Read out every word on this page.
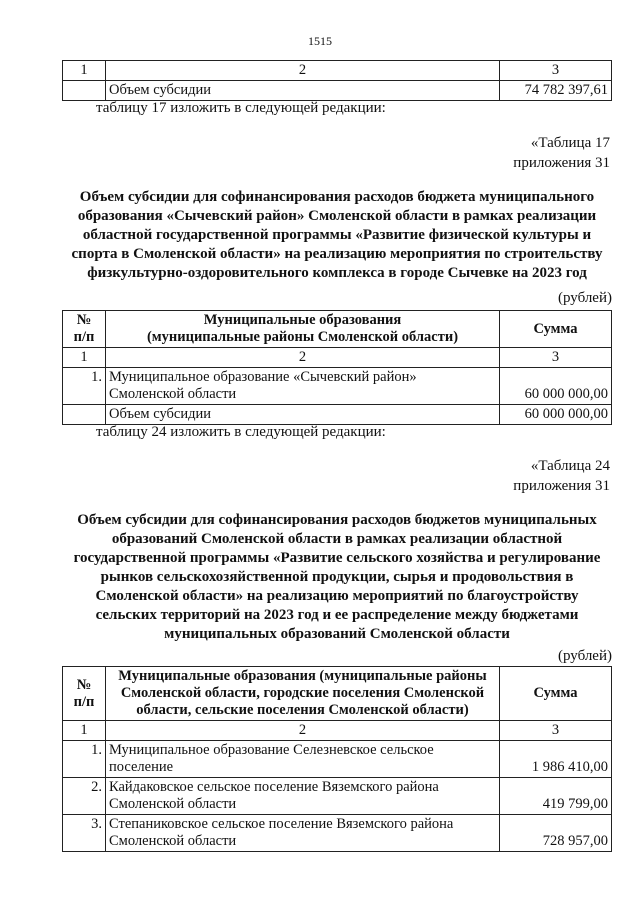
1515
1	2	3
	Объем субсидии	74 782 397,61
таблицу 17 изложить в следующей редакции:
«Таблица 17
приложения 31
Объем субсидии для софинансирования расходов бюджета муниципального
образования «Сычевский район» Смоленской области в рамках реализации
областной государственной программы «Развитие физической культуры и
спорта в Смоленской области» на реализацию мероприятия по строительству
физкультурно-оздоровительного комплекса в городе Сычевке на 2023 год
(рублей)
№
п/п	Муниципальные образования
(муниципальные районы Смоленской области)	Сумма
1	2	3
1.	Муниципальное образование «Сычевский район»
Смоленской области	60 000 000,00
	Объем субсидии	60 000 000,00
таблицу 24 изложить в следующей редакции:
«Таблица 24
приложения 31
Объем субсидии для софинансирования расходов бюджетов муниципальных
образований Смоленской области в рамках реализации областной
государственной программы «Развитие сельского хозяйства и регулирование
рынков сельскохозяйственной продукции, сырья и продовольствия в
Смоленской области» на реализацию мероприятий по благоустройству
сельских территорий на 2023 год и ее распределение между бюджетами
муниципальных образований Смоленской области
(рублей)
№
п/п	Муниципальные образования (муниципальные районы
Смоленской области, городские поселения Смоленской
области, сельские поселения Смоленской области)	Сумма
1	2	3
1.	Муниципальное образование Селезневское сельское
поселение	1 986 410,00
2.	Кайдаковское сельское поселение Вяземского района
Смоленской области	419 799,00
3.	Степаниковское сельское поселение Вяземского района
Смоленской области	728 957,00
